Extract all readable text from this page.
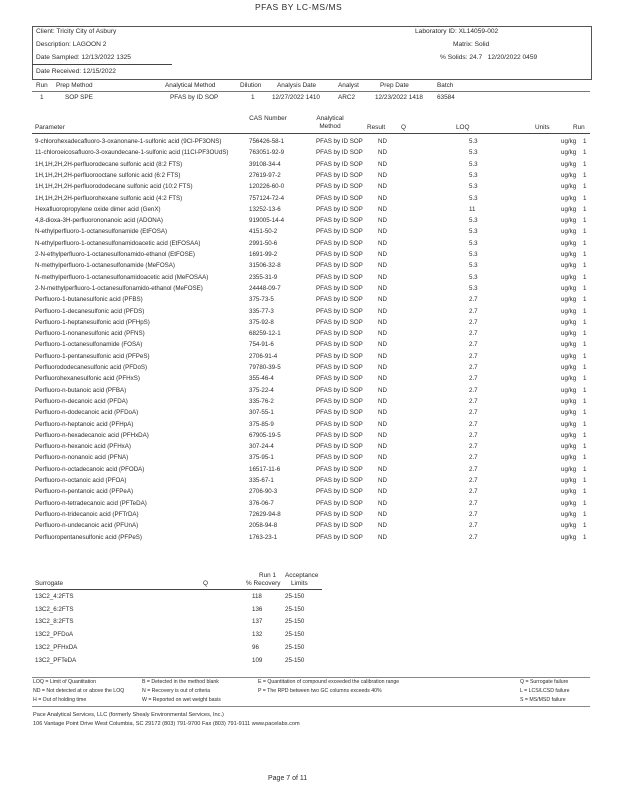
PFAS BY LC-MS/MS
Client: Tricity City of Asbury
Description: LAGOON 2
Date Sampled: 12/13/2022 1325
Date Received: 12/15/2022
Laboratory ID: XL14059-002
Matrix: Solid
% Solids: 24.7 12/20/2022 0459
Run Prep Method	Analytical Method	Dilution Analysis Date	Analyst	Prep Date	Batch
1	SOP SPE	PFAS by ID SOP	1	12/27/2022 1410	ARC2	12/23/2022 1418 63584
Parameter
CAS Number	Analytical Method	Result Q	LOQ	Units	Run
9-chlorohexadecafluoro-3-oxanonane-1-sulfonic acid (9Cl-PF3ONS)	756426-58-1	PFAS by ID SOP ND	5.3	ug/kg 1
11-chloroeicosafluoro-3-oxaundecane-1-sulfonic acid (11Cl-PF3OUdS)	763051-92-9	PFAS by ID SOP ND	5.3	ug/kg 1
1H,1H,2H,2H-perfluorodecane sulfonic acid (8:2 FTS)	39108-34-4	PFAS by ID SOP ND	5.3	ug/kg 1
1H,1H,2H,2H-perfluorooctane sulfonic acid (6:2 FTS)	27619-97-2	PFAS by ID SOP ND	5.3	ug/kg 1
1H,1H,2H,2H-perfluorododecane sulfonic acid (10:2 FTS)	120226-60-0	PFAS by ID SOP ND	5.3	ug/kg 1
1H,1H,2H,2H-perfluorohexane sulfonic acid (4:2 FTS)	757124-72-4	PFAS by ID SOP ND	5.3	ug/kg 1
Hexafluoropropylene oxide dimer acid (GenX)	13252-13-6	PFAS by ID SOP ND	11	ug/kg 1
4,8-dioxa-3H-perfluorononanoic acid (ADONA)	919005-14-4	PFAS by ID SOP ND	5.3	ug/kg 1
N-ethylperfluoro-1-octanesulfonamide (EtFOSA)	4151-50-2	PFAS by ID SOP ND	5.3	ug/kg 1
N-ethylperfluoro-1-octanesulfonamidoacetic acid (EtFOSAA)	2991-50-6	PFAS by ID SOP ND	5.3	ug/kg 1
2-N-ethylperfluoro-1-octanesulfonamido-ethanol (EtFOSE)	1691-99-2	PFAS by ID SOP ND	5.3	ug/kg 1
N-methylperfluoro-1-octanesulfonamide (MeFOSA)	31506-32-8	PFAS by ID SOP ND	5.3	ug/kg 1
N-methylperfluoro-1-octanesulfonamidoacetic acid (MeFOSAA)	2355-31-9	PFAS by ID SOP ND	5.3	ug/kg 1
2-N-methylperfluoro-1-octanesulfonamido-ethanol (MeFOSE)	24448-09-7	PFAS by ID SOP ND	5.3	ug/kg 1
Perfluoro-1-butanesulfonic acid (PFBS)	375-73-5	PFAS by ID SOP ND	2.7	ug/kg 1
Perfluoro-1-decanesulfonic acid (PFDS)	335-77-3	PFAS by ID SOP ND	2.7	ug/kg 1
Perfluoro-1-heptanesulfonic acid (PFHpS)	375-92-8	PFAS by ID SOP ND	2.7	ug/kg 1
Perfluoro-1-nonanesulfonic acid (PFNS)	68259-12-1	PFAS by ID SOP ND	2.7	ug/kg 1
Perfluoro-1-octanesulfonamide (FOSA)	754-91-6	PFAS by ID SOP ND	2.7	ug/kg 1
Perfluoro-1-pentanesulfonic acid (PFPeS)	2706-91-4	PFAS by ID SOP ND	2.7	ug/kg 1
Perfluorododecanesulfonic acid (PFDoS)	79780-39-5	PFAS by ID SOP ND	2.7	ug/kg 1
Perfluorohexanesulfonic acid (PFHxS)	355-46-4	PFAS by ID SOP ND	2.7	ug/kg 1
Perfluoro-n-butanoic acid (PFBA)	375-22-4	PFAS by ID SOP ND	2.7	ug/kg 1
Perfluoro-n-decanoic acid (PFDA)	335-76-2	PFAS by ID SOP ND	2.7	ug/kg 1
Perfluoro-n-dodecanoic acid (PFDoA)	307-55-1	PFAS by ID SOP ND	2.7	ug/kg 1
Perfluoro-n-heptanoic acid (PFHpA)	375-85-9	PFAS by ID SOP ND	2.7	ug/kg 1
Perfluoro-n-hexadecanoic acid (PFHxDA)	67905-19-5	PFAS by ID SOP ND	2.7	ug/kg 1
Perfluoro-n-hexanoic acid (PFHxA)	307-24-4	PFAS by ID SOP ND	2.7	ug/kg 1
Perfluoro-n-nonanoic acid (PFNA)	375-95-1	PFAS by ID SOP ND	2.7	ug/kg 1
Perfluoro-n-octadecanoic acid (PFODA)	16517-11-6	PFAS by ID SOP ND	2.7	ug/kg 1
Perfluoro-n-octanoic acid (PFOA)	335-67-1	PFAS by ID SOP ND	2.7	ug/kg 1
Perfluoro-n-pentanoic acid (PFPeA)	2706-90-3	PFAS by ID SOP ND	2.7	ug/kg 1
Perfluoro-n-tetradecanoic acid (PFTeDA)	376-06-7	PFAS by ID SOP ND	2.7	ug/kg 1
Perfluoro-n-tridecanoic acid (PFTrDA)	72629-94-8	PFAS by ID SOP ND	2.7	ug/kg 1
Perfluoro-n-undecanoic acid (PFUnA)	2058-94-8	PFAS by ID SOP ND	2.7	ug/kg 1
Perfluoropentanesulfonic acid (PFPeS)	1763-23-1	PFAS by ID SOP ND	2.7	ug/kg 1
Run 1
% Recovery
Acceptance
Limits
Surrogate	Q
13C2_4:2FTS	118	25-150
13C2_6:2FTS	136	25-150
13C2_8:2FTS	137	25-150
13C2_PFDoA	132	25-150
13C2_PFHxDA	96	25-150
13C2_PFTeDA	109	25-150
LOQ = Limit of Quantitation
ND = Not detected at or above the LOQ
H = Out of holding time
B = Detected in the method blank
N = Recovery is out of criteria
W = Reported on wet weight basis
E = Quantitation of compound exceeded the calibration range
P = The RPD between two GC columns exceeds 40%
Q = Surrogate failure
L = LCS/LCSD failure
S = MS/MSD failure
Pace Analytical Services, LLC (formerly Shealy Environmental Services, Inc.)
106 Vantage Point Drive West Columbia, SC 29172 (803) 791-9700 Fax (803) 791-9111 www.pacelabs.com
Page 7 of 11
